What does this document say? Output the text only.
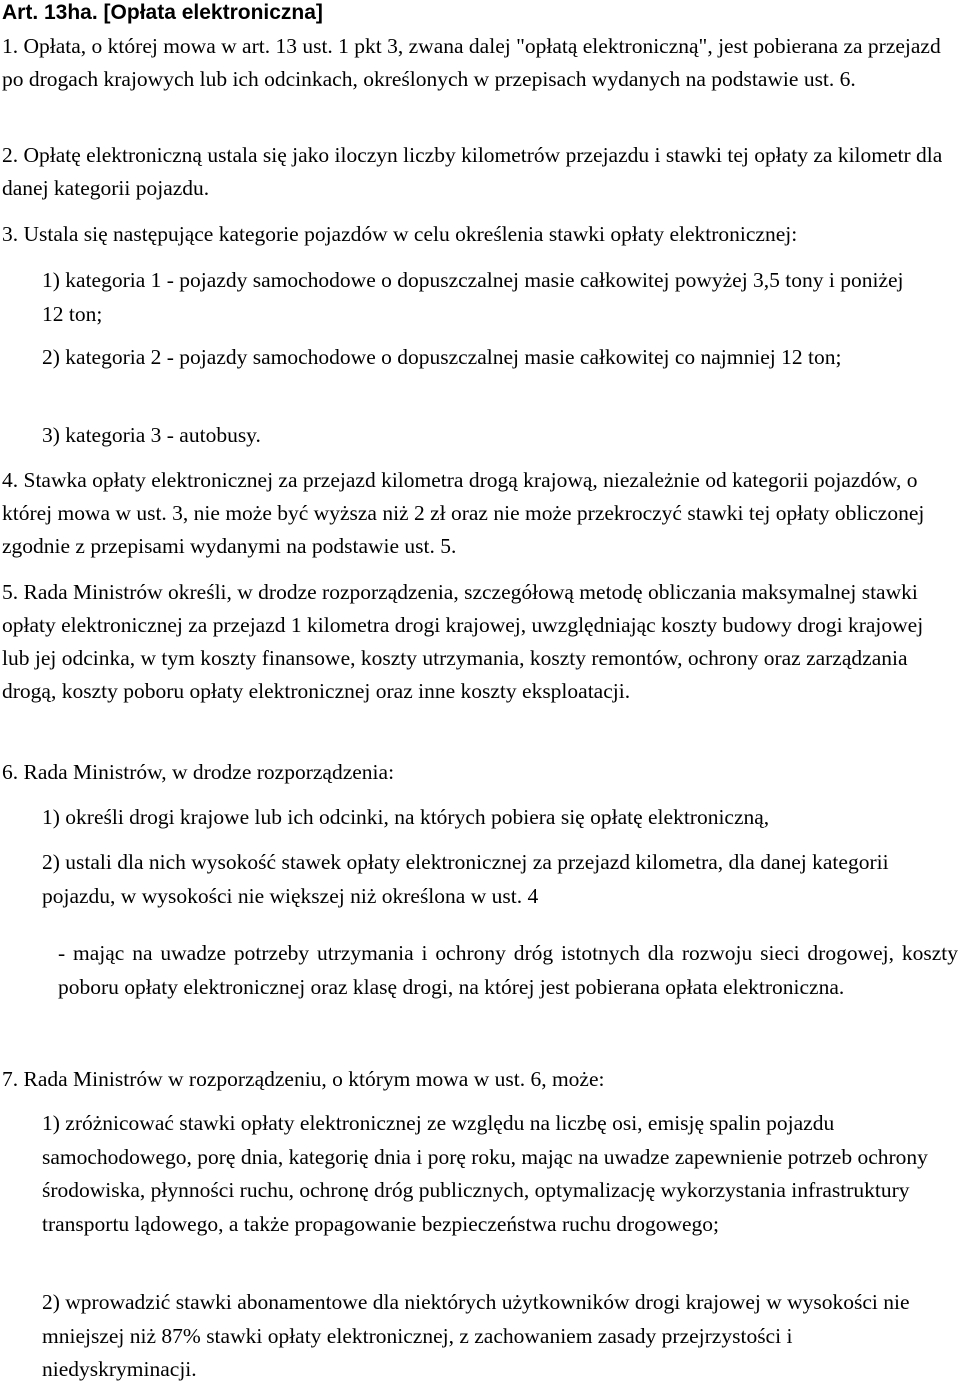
Art. 13ha. [Opłata elektroniczna]
1. Opłata, o której mowa w art. 13 ust. 1 pkt 3, zwana dalej "opłatą elektroniczną", jest pobierana za przejazd po drogach krajowych lub ich odcinkach, określonych w przepisach wydanych na podstawie ust. 6.
2. Opłatę elektroniczną ustala się jako iloczyn liczby kilometrów przejazdu i stawki tej opłaty za kilometr dla danej kategorii pojazdu.
3. Ustala się następujące kategorie pojazdów w celu określenia stawki opłaty elektronicznej:
1) kategoria 1 - pojazdy samochodowe o dopuszczalnej masie całkowitej powyżej 3,5 tony i poniżej 12 ton;
2) kategoria 2 - pojazdy samochodowe o dopuszczalnej masie całkowitej co najmniej 12 ton;
3) kategoria 3 - autobusy.
4. Stawka opłaty elektronicznej za przejazd kilometra drogą krajową, niezależnie od kategorii pojazdów, o której mowa w ust. 3, nie może być wyższa niż 2 zł oraz nie może przekroczyć stawki tej opłaty obliczonej zgodnie z przepisami wydanymi na podstawie ust. 5.
5. Rada Ministrów określi, w drodze rozporządzenia, szczegółową metodę obliczania maksymalnej stawki opłaty elektronicznej za przejazd 1 kilometra drogi krajowej, uwzględniając koszty budowy drogi krajowej lub jej odcinka, w tym koszty finansowe, koszty utrzymania, koszty remontów, ochrony oraz zarządzania drogą, koszty poboru opłaty elektronicznej oraz inne koszty eksploatacji.
6. Rada Ministrów, w drodze rozporządzenia:
1) określi drogi krajowe lub ich odcinki, na których pobiera się opłatę elektroniczną,
2) ustali dla nich wysokość stawek opłaty elektronicznej za przejazd kilometra, dla danej kategorii pojazdu, w wysokości nie większej niż określona w ust. 4
- mając na uwadze potrzeby utrzymania i ochrony dróg istotnych dla rozwoju sieci drogowej, koszty poboru opłaty elektronicznej oraz klasę drogi, na której jest pobierana opłata elektroniczna.
7. Rada Ministrów w rozporządzeniu, o którym mowa w ust. 6, może:
1) zróżnicować stawki opłaty elektronicznej ze względu na liczbę osi, emisję spalin pojazdu samochodowego, porę dnia, kategorię dnia i porę roku, mając na uwadze zapewnienie potrzeb ochrony środowiska, płynności ruchu, ochronę dróg publicznych, optymalizację wykorzystania infrastruktury transportu lądowego, a także propagowanie bezpieczeństwa ruchu drogowego;
2) wprowadzić stawki abonamentowe dla niektórych użytkowników drogi krajowej w wysokości nie mniejszej niż 87% stawki opłaty elektronicznej, z zachowaniem zasady przejrzystości i niedyskryminacji.
